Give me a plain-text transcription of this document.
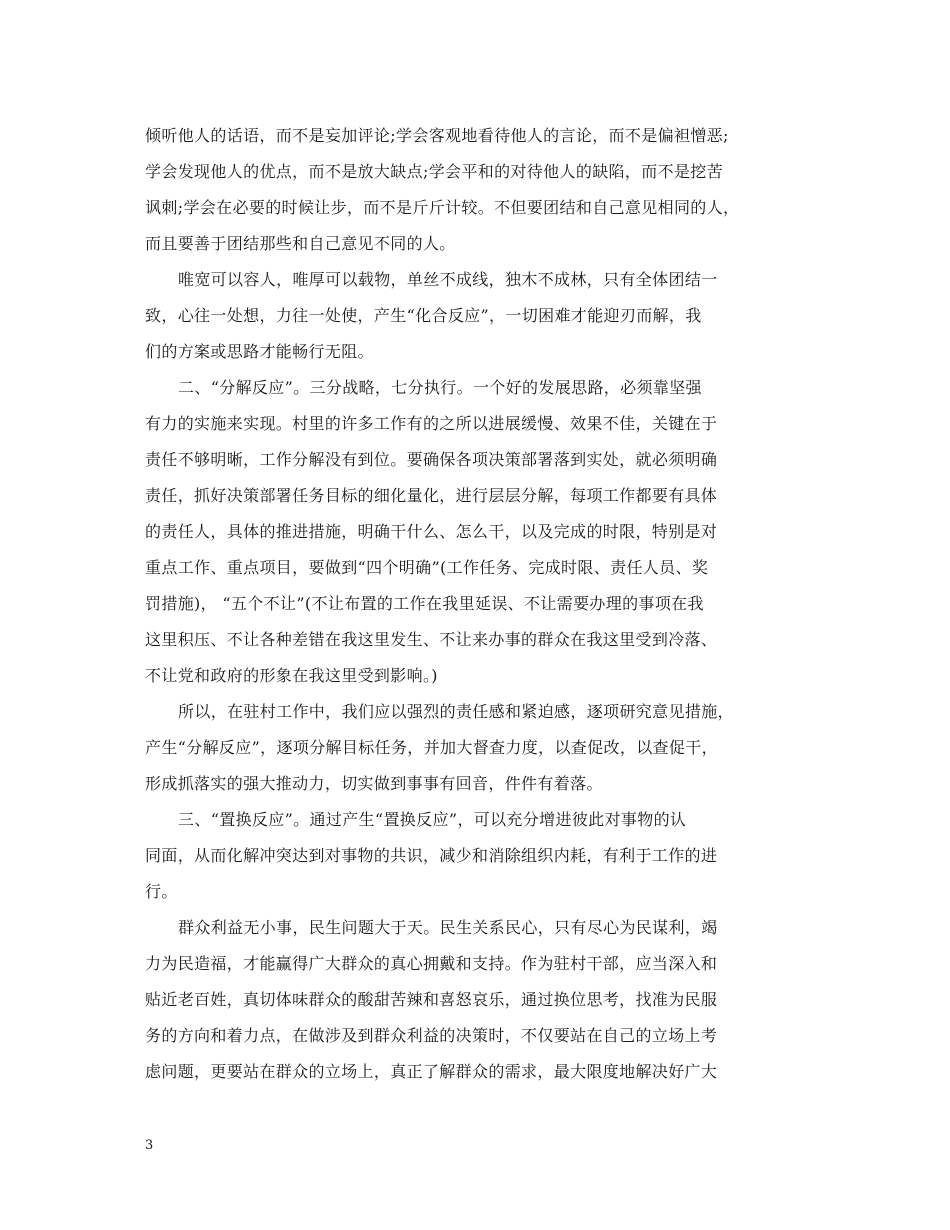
倾听他人的话语，而不是妄加评论;学会客观地看待他人的言论，而不是偏袒憎恶;
学会发现他人的优点，而不是放大缺点;学会平和的对待他人的缺陷，而不是挖苦
讽刺;学会在必要的时候让步，而不是斤斤计较。不但要团结和自己意见相同的人，
而且要善于团结那些和自己意见不同的人。
唯宽可以容人，唯厚可以载物，单丝不成线，独木不成林，只有全体团结一
致，心往一处想，力往一处使，产生“化合反应”，一切困难才能迎刃而解，我
们的方案或思路才能畅行无阻。
二、“分解反应”。三分战略，七分执行。一个好的发展思路，必须靠坚强
有力的实施来实现。村里的许多工作有的之所以进展缓慢、效果不佳，关键在于
责任不够明晰，工作分解没有到位。要确保各项决策部署落到实处，就必须明确
责任，抓好决策部署任务目标的细化量化，进行层层分解，每项工作都要有具体
的责任人，具体的推进措施，明确干什么、怎么干，以及完成的时限，特别是对
重点工作、重点项目，要做到“四个明确”(工作任务、完成时限、责任人员、奖
罚措施)， “五个不让”(不让布置的工作在我里延误、不让需要办理的事项在我
这里积压、不让各种差错在我这里发生、不让来办事的群众在我这里受到冷落、
不让党和政府的形象在我这里受到影响。)
所以，在驻村工作中，我们应以强烈的责任感和紧迫感，逐项研究意见措施，
产生“分解反应”，逐项分解目标任务，并加大督查力度，以查促改，以查促干，
形成抓落实的强大推动力，切实做到事事有回音，件件有着落。
三、“置换反应”。通过产生“置换反应”，可以充分增进彼此对事物的认
同面，从而化解冲突达到对事物的共识，减少和消除组织内耗，有利于工作的进
行。
群众利益无小事，民生问题大于天。民生关系民心，只有尽心为民谋利，竭
力为民造福，才能赢得广大群众的真心拥戴和支持。作为驻村干部，应当深入和
贴近老百姓，真切体味群众的酸甜苦辣和喜怒哀乐，通过换位思考，找准为民服
务的方向和着力点，在做涉及到群众利益的决策时，不仅要站在自己的立场上考
虑问题，更要站在群众的立场上，真正了解群众的需求，最大限度地解决好广大
3
